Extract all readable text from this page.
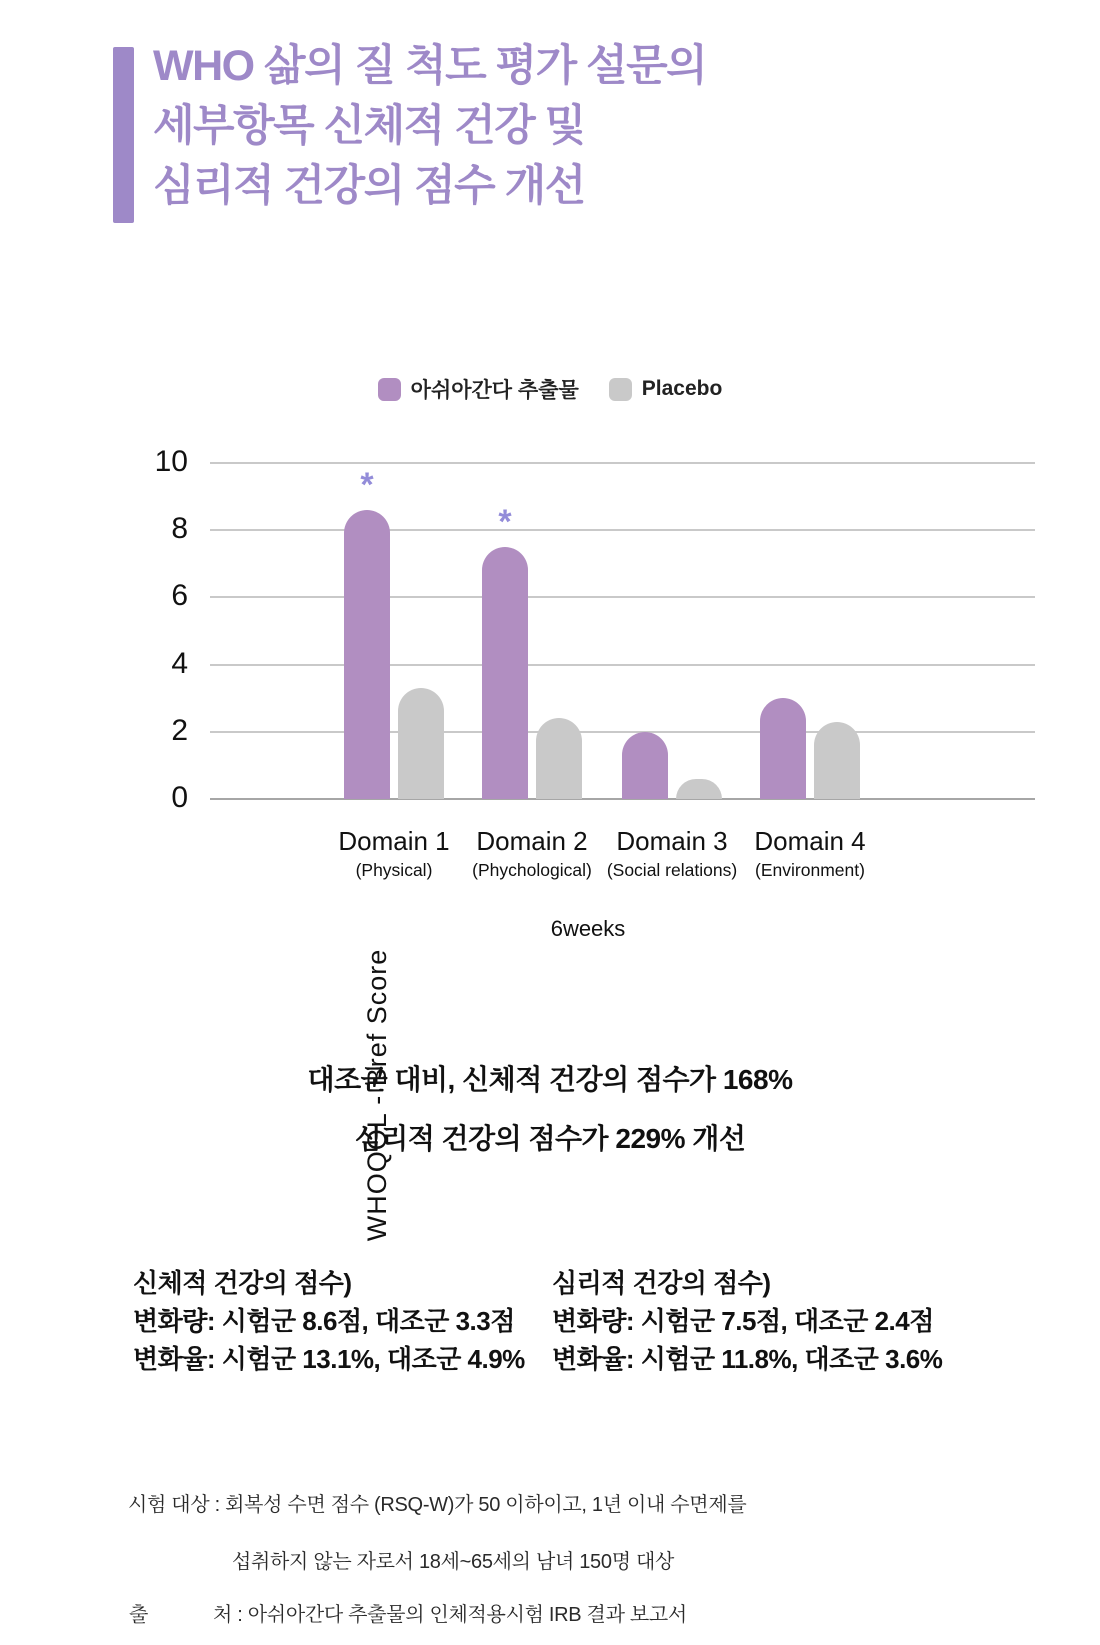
WHO 삶의 질 척도 평가 설문의
세부항목 신체적 건강 및
심리적 건강의 점수 개선
아쉬아간다 추출물	Placebo
WHOQOL - Bref Score
0
2
4
6
8
10
*
*
Domain 1
(Physical)
Domain 2
(Phychological)
Domain 3
(Social relations)
Domain 4
(Environment)
6weeks
대조군 대비, 신체적 건강의 점수가 168%
심리적 건강의 점수가 229% 개선
신체적 건강의 점수)
변화량: 시험군 8.6점, 대조군 3.3점
변화율: 시험군 13.1%, 대조군 4.9%
심리적 건강의 점수)
변화량: 시험군 7.5점, 대조군 2.4점
변화율: 시험군 11.8%, 대조군 3.6%
시험 대상 : 회복성 수면 점수 (RSQ-W)가 50 이하이고, 1년 이내 수면제를
섭취하지 않는 자로서 18세~65세의 남녀 150명 대상
출	처 : 아쉬아간다 추출물의 인체적용시험 IRB 결과 보고서
